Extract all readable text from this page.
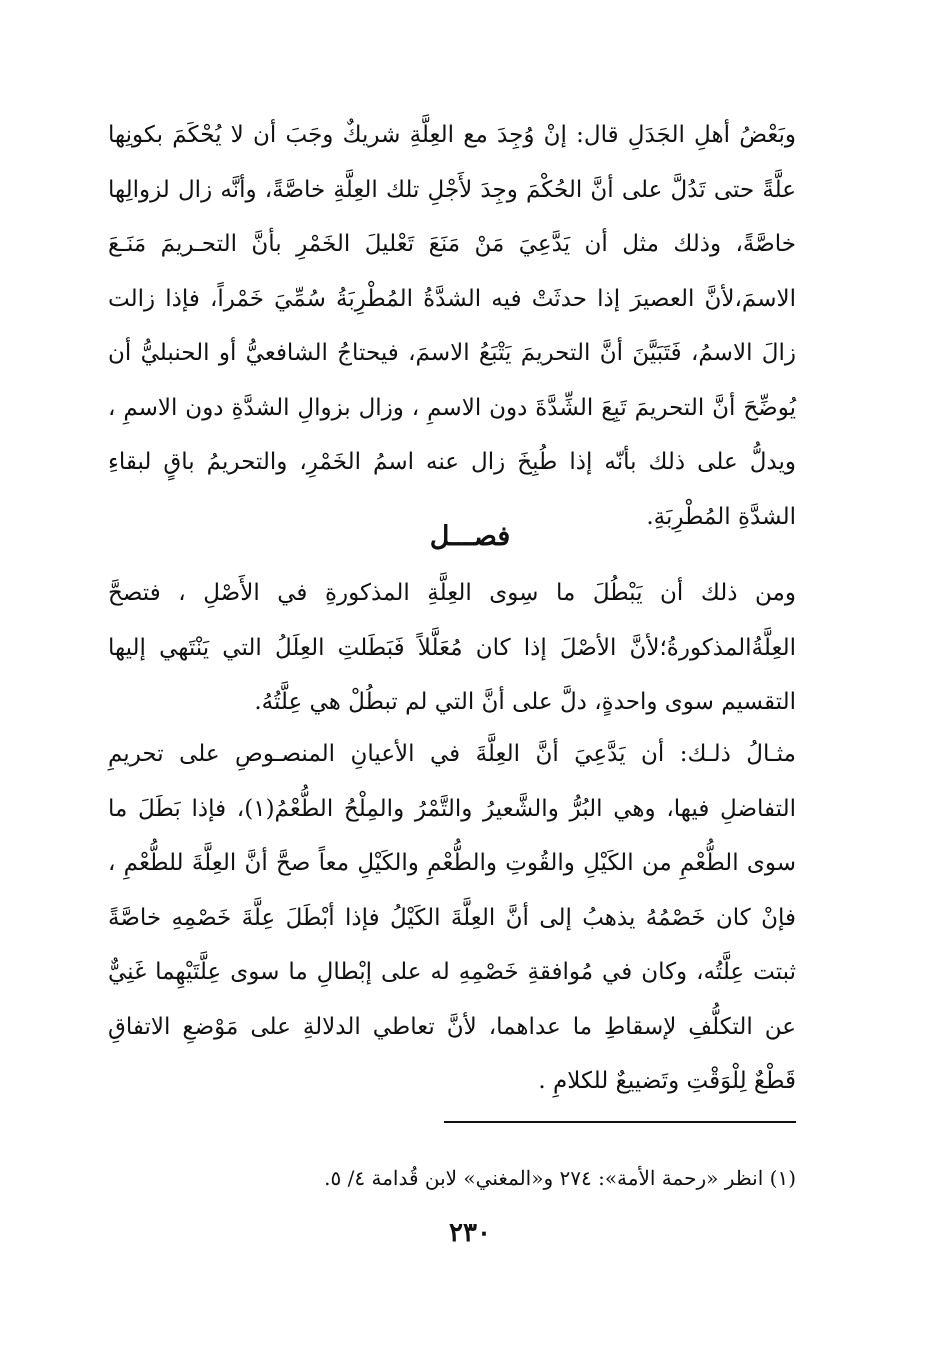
وبَعْضُ أهلِ الجَدَلِ قال: إنْ وُجِدَ مع العِلَّةِ شريكٌ وجَبَ أن لا يُحْكَمَ بكونِها علَّةً حتى تَدُلَّ على أنَّ الحُكْمَ وجِدَ لأَجْلِ تلك العِلَّةِ خاصَّةً، وأنَّه زال لزوالِها خاصَّةً، وذلك مثل أن يَدَّعِيَ مَنْ مَنَعَ تَعْليلَ الخَمْرِ بأنَّ التحـريمَ مَنَـعَ الاسمَ،لأنَّ العصيرَ إذا حدثَتْ فيه الشدَّةُ المُطْرِبَةُ سُمِّيَ خَمْراً، فإذا زالت زالَ الاسمُ، فَتَبَيَّنَ أنَّ التحريمَ يَتْبَعُ الاسمَ، فيحتاجُ الشافعيُّ أو الحنبليُّ أن يُوضِّحَ أنَّ التحريمَ تَبِعَ الشِّدَّةَ دون الاسمِ ، وزال بزوالِ الشدَّةِ دون الاسمِ ، ويدلُّ على ذلك بأنّه إذا طُبِخَ زال عنه اسمُ الخَمْرِ، والتحريمُ باقٍ لبقاءِ الشدَّةِ المُطْرِبَةِ.

فصـــل

ومن ذلك أن يَبْطُلَ ما سِوى العِلَّةِ المذكورةِ في الأَصْلِ ، فتصحَّ العِلَّةُالمذكورةُ؛لأنَّ الأصْلَ إذا كان مُعَلَّلاً فَبَطَلتِ العِلَلُ التي يَنْتَهي إليها التقسيم سوى واحدةٍ، دلَّ على أنَّ التي لم تبطُلْ هي عِلَّتُهُ.

مثـالُ ذلـك: أن يَدَّعِيَ أنَّ العِلَّةَ في الأعيانِ المنصـوصِ على تحريمِ التفاضلِ فيها، وهي البُرُّ والشَّعيرُ والتَّمْرُ والمِلْحُ الطُّعْمُ(١)، فإذا بَطَلَ ما سوى الطُّعْمِ من الكَيْلِ والقُوتِ والطُّعْمِ والكَيْلِ معاً صحَّ أنَّ العِلَّةَ للطُّعْمِ ، فإنْ كان خَصْمُهُ يذهبُ إلى أنَّ العِلَّةَ الكَيْلُ فإذا أبْطَلَ عِلَّةَ خَصْمِهِ خاصَّةً ثبتت عِلَّتُه، وكان في مُوافقةِ خَصْمِهِ له على إبْطالِ ما سوى عِلَّتَيْهِما غَنِيٌّ عن التكلُّفِ لإسقاطِ ما عداهما، لأنَّ تعاطي الدلالةِ على مَوْضعِ الاتفاقِ قَطْعٌ لِلْوَقْتِ وتَضييعٌ للكلامِ .

(١) انظر «رحمة الأمة»: ٢٧٤ و«المغني» لابن قُدامة ٤/ ٥.
٢٣٠
